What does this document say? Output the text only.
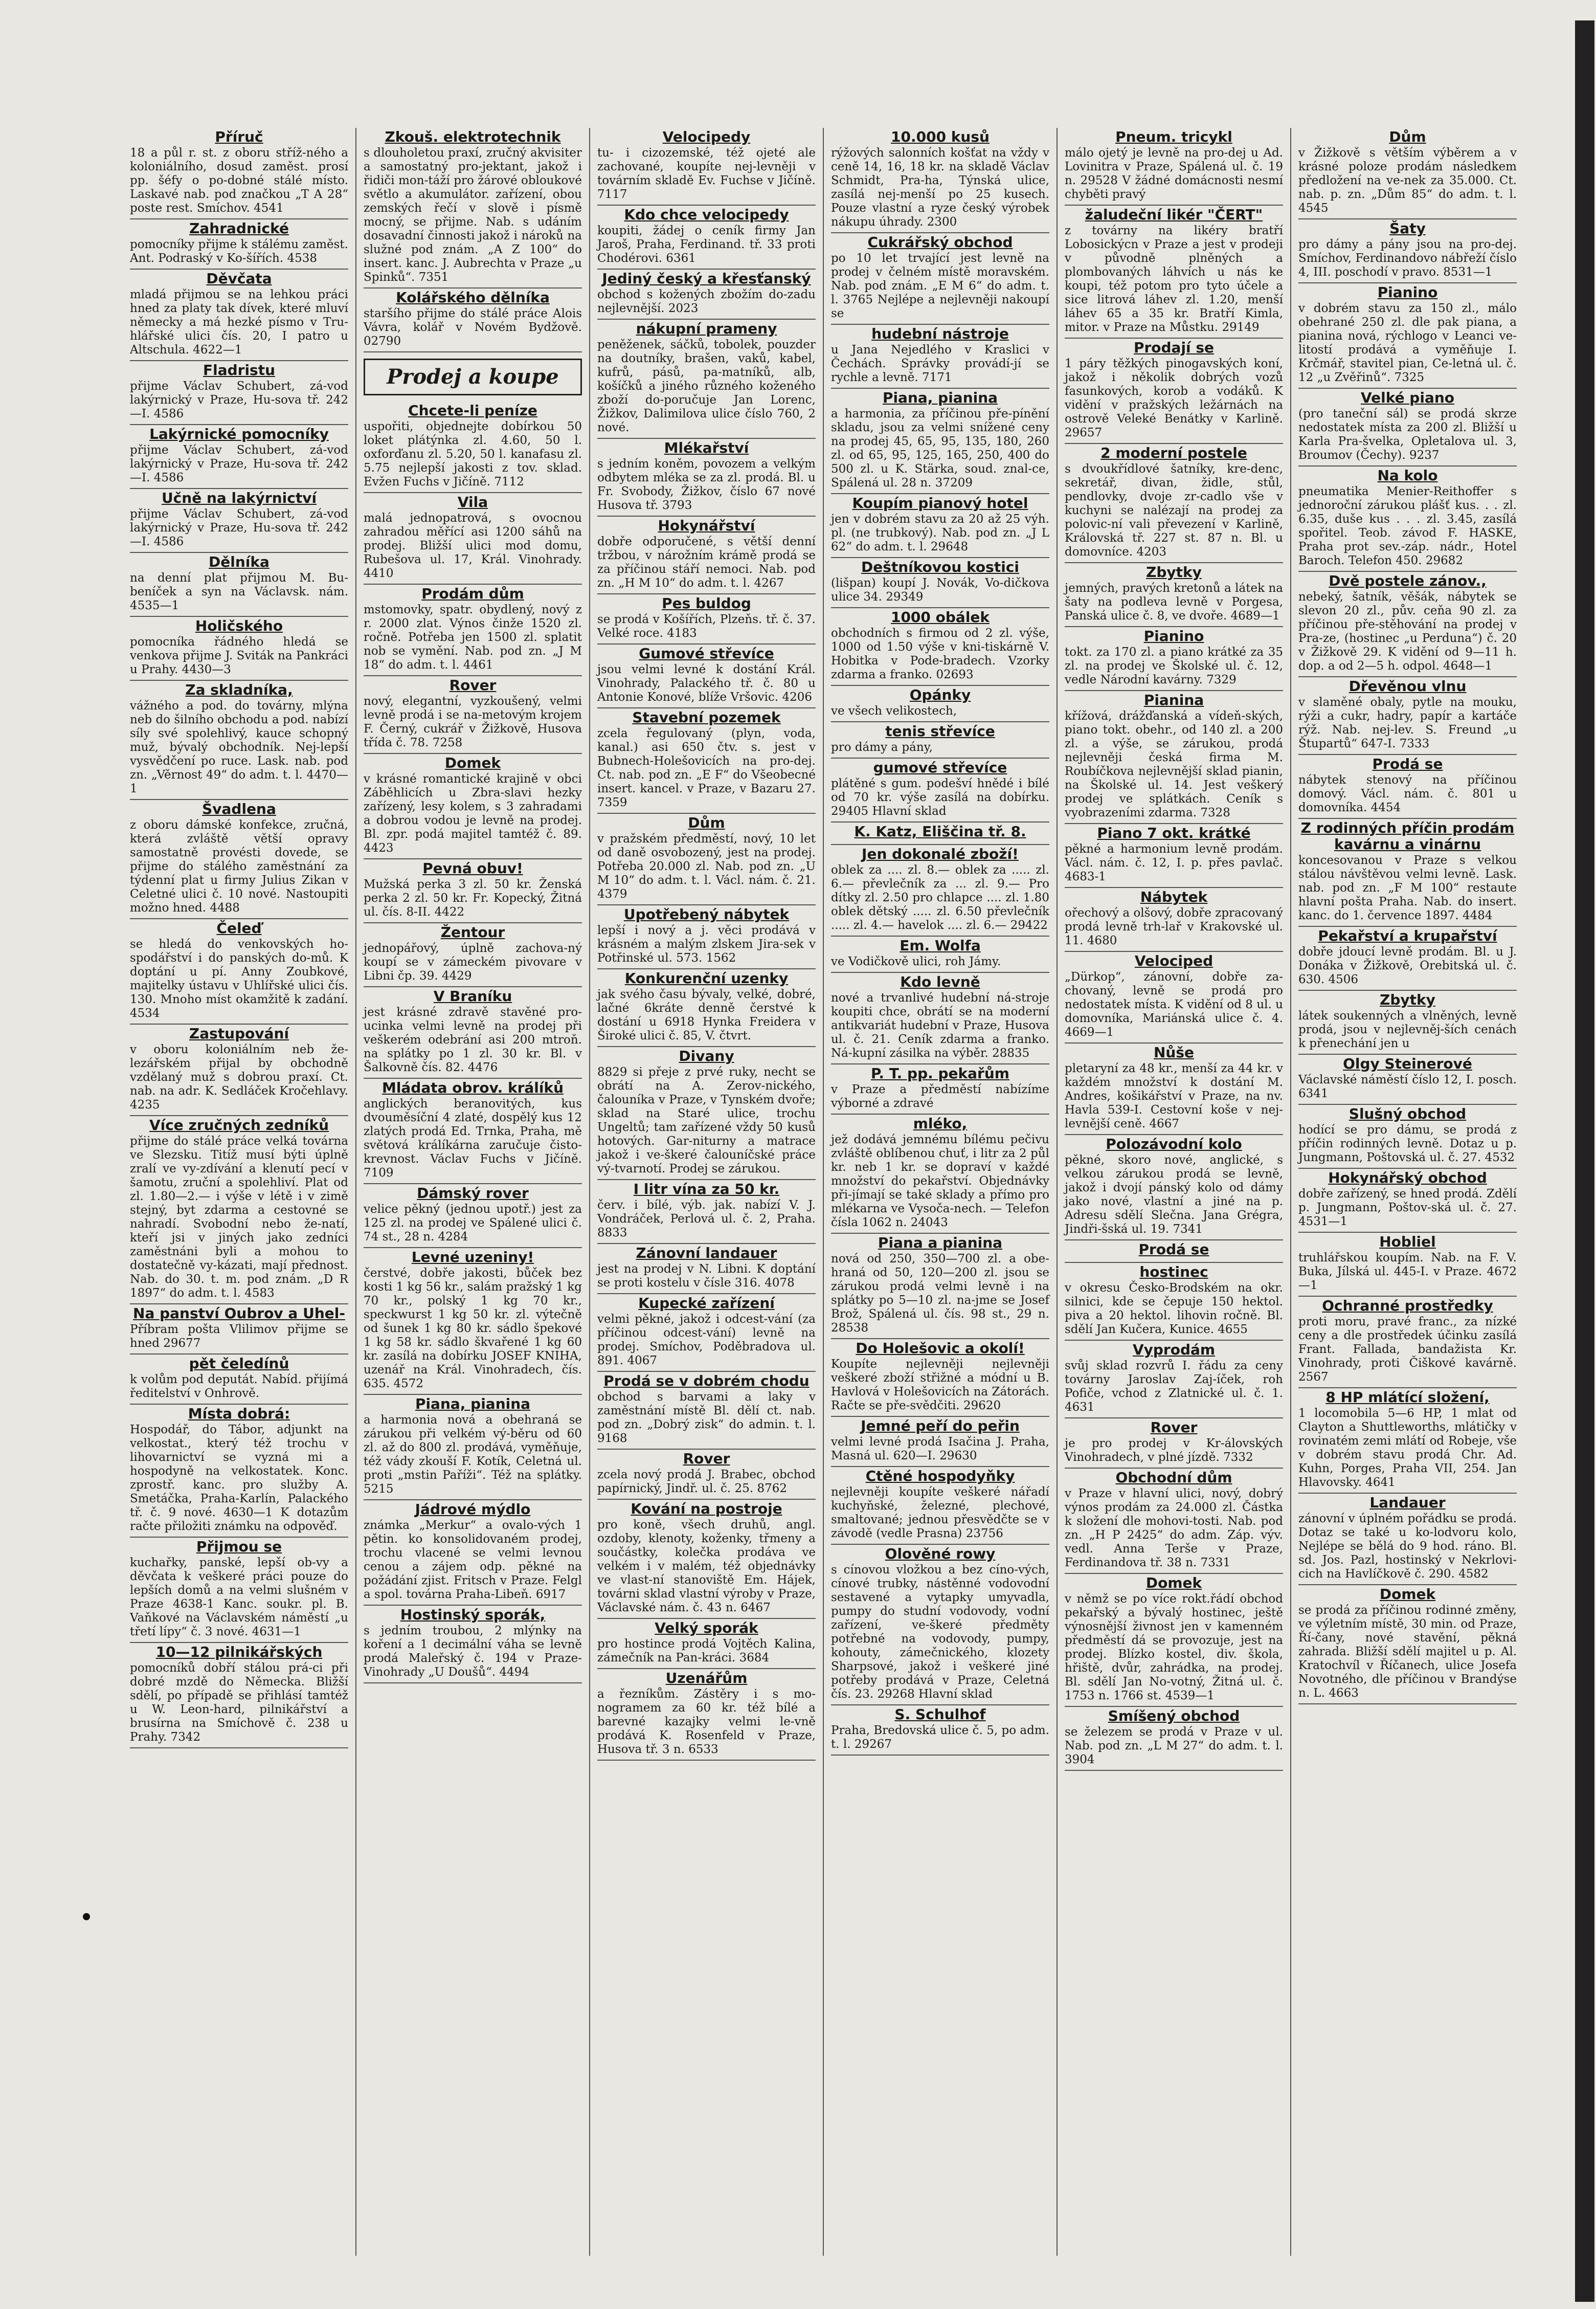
Příruč

18 a půl r. st. z oboru stříž-ného a koloniálního, dosud zaměst. prosí pp. šéfy o po-dobné stálé místo. Laskavé nab. pod značkou „T A 28“ poste rest. Smíchov. 4541

Zahradnické

pomocníky přijme k stálému zaměst. Ant. Podraský v Ko-šířích. 4538

Děvčata

mladá přijmou se na lehkou práci hned za platy tak dívek, které mluví německy a má hezké písmo v Tru-hlářské ulici čís. 20, I patro u Altschula. 4622—1

Fladristu

přijme Václav Schubert, zá-vod lakýrnický v Praze, Hu-sova tř. 242—I. 4586

Lakýrnické pomocníky

přijme Václav Schubert, zá-vod lakýrnický v Praze, Hu-sova tř. 242—I. 4586

Učně na lakýrnictví

přijme Václav Schubert, zá-vod lakýrnický v Praze, Hu-sova tř. 242—I. 4586

Dělníka

na denní plat přijmou M. Bu-beníček a syn na Václavsk. nám. 4535—1

Holičského

pomocníka řádného hledá se venkova přijme J. Sviták na Pankráci u Prahy. 4430—3

Za skladníka,

vážného a pod. do továrny, mlýna neb do šilního obchodu a pod. nabízí síly své spolehlivý, kauce schopný muž, bývalý obchodník. Nej-lepší vysvědčení po ruce. Lask. nab. pod zn. „Věrnost 49“ do adm. t. l. 4470—1

Švadlena

z oboru dámské konfekce, zručná, která zvláště větší opravy samostatně provésti dovede, se přijme do stálého zaměstnání za týdenní plat u firmy Julius Zikan v Celetné ulici č. 10 nové. Nastoupiti možno hned. 4488

Čeleď

se hledá do venkovských ho-spodářství i do panských do-mů. K doptání u pí. Anny Zoubkové, majitelky ústavu v Uhlířské ulici čís. 130. Mnoho míst okamžitě k zadání. 4534

Zastupování

v oboru koloniálním neb že-lezářském přijal by obchodně vzdělaný muž s dobrou praxí. Ct. nab. na adr. K. Sedláček Kročehlavy. 4235

Více zručných zedníků

přijme do stálé práce velká továrna ve Slezsku. Titíž musí býti úplně zralí ve vy-zdívání a klenutí pecí v šamotu, zruční a spolehliví. Plat od zl. 1.80—2.— i výše v létě i v zimě stejný, byt zdarma a cestovné se nahradí. Svobodní nebo že-natí, kteří jsi v jiných jako zedníci zaměstnáni byli a mohou to dostatečně vy-kázati, mají přednost. Nab. do 30. t. m. pod znám. „D R 1897“ do adm. t. l. 4583

Na panství Oubrov a Uhel-

Příbram pošta Vlilimov přijme se hned 29677

pět čeledínů

k volům pod deputát. Nabíd. přijímá ředitelství v Onhrově.

Místa dobrá:

Hospodář, do Tábor, adjunkt na velkostat., který též trochu v lihovarnictví se vyzná mi a hospodyně na velkostatek. Konc. zprostř. kanc. pro služby A. Smetáčka, Praha-Karlín, Palackého tř. č. 9 nové. 4630—1 K dotazům račte přiložiti známku na odpověď.

Přijmou se

kuchařky, panské, lepší ob-vy a děvčata k veškeré práci pouze do lepších domů a na velmi slušném v Praze 4638-1 Kanc. soukr. pl. B. Vaňkové na Václavském náměstí „u třetí lípy“ č. 3 nové. 4631—1

10—12 pilnikářských

pomocníků dobří stálou prá-ci při dobré mzdě do Německa. Bližší sdělí, po případě se přihlásí tamtéž u W. Leon-hard, pilnikářství a brusírna na Smíchově č. 238 u Prahy. 7342

Zkouš. elektrotechnik

s dlouholetou praxí, zručný akvisiter a samostatný pro-jektant, jakož i řidiči mon-táží pro žárové obloukové světlo a akumulátor. zařízení, obou zemských řečí v slově i písmě mocný, se přijme. Nab. s udáním dosavadní činnosti jakož i nároků na služné pod znám. „A Z 100“ do insert. kanc. J. Aubrechta v Praze „u Spinků“. 7351

Kolářského dělníka

staršího přijme do stálé práce Alois Vávra, kolář v Novém Bydžově. 02790

Prodej a koupe
Chcete-li peníze

uspořiti, objednejte dobírkou 50 loket plátýnka zl. 4.60, 50 l. oxforďanu zl. 5.20, 50 l. kanafasu zl. 5.75 nejlepší jakosti z tov. sklad. Evžen Fuchs v Jičíně. 7112

Vila

malá jednopatrová, s ovocnou zahradou měřící asi 1200 sáhů na prodej. Bližší ulici mod domu, Rubešova ul. 17, Král. Vinohrady. 4410

Prodám dům

mstomovky, spatr. obydlený, nový z r. 2000 zlat. Výnos činže 1520 zl. ročně. Potřeba jen 1500 zl. splatit nob se vymění. Nab. pod zn. „J M 18“ do adm. t. l. 4461

Rover

nový, elegantní, vyzkoušený, velmi levně prodá i se na-metovým krojem F. Černý, cukrář v Žižkově, Husova třída č. 78. 7258

Domek

v krásné romantické krajině v obci Záběhlicích u Zbra-slavi hezky zařízený, lesy kolem, s 3 zahradami a dobrou vodou je levně na prodej. Bl. zpr. podá majitel tamtéž č. 89. 4423

Pevná obuv!

Mužská perka 3 zl. 50 kr. Ženská perka 2 zl. 50 kr. Fr. Kopecký, Žitná ul. čís. 8-II. 4422

Žentour

jednopářový, úplně zachova-ný koupí se v zámeckém pivovare v Libni čp. 39. 4429

V Braníku

jest krásné zdravě stavěné pro-ucinka velmi levně na prodej při veškerém odebrání asi 200 mtroň. na splátky po 1 zl. 30 kr. Bl. v Šalkovně čís. 82. 4476

Mládata obrov. králíků

anglických beranovitých, kus dvouměsíční 4 zlaté, dospělý kus 12 zlatých prodá Ed. Trnka, Praha, mě světová králíkárna zaručuje čisto-krevnost. Václav Fuchs v Jičíně. 7109

Dámský rover

velice pěkný (jednou upotř.) jest za 125 zl. na prodej ve Spálené ulici č. 74 st., 28 n. 4284

Levné uzeniny!

čerstvé, dobře jakosti, bůček bez kosti 1 kg 56 kr., salám pražský 1 kg 70 kr., polský 1 kg 70 kr., speckwurst 1 kg 50 kr. zl. výtečně od šunek 1 kg 80 kr. sádlo špekové 1 kg 58 kr. sádlo škvařené 1 kg 60 kr. zasílá na dobírku JOSEF KNIHA, uzenář na Král. Vinohradech, čís. 635. 4572

Piana, pianina

a harmonia nová a obehraná se zárukou při velkém vý-běru od 60 zl. až do 800 zl. prodává, vyměňuje, též vády zkouší F. Kotík, Celetná ul. proti „mstin Paříži“. Též na splátky. 5215

Jádrové mýdlo

známka „Merkur“ a ovalo-vých 1 pětin. ko konsolidovaném prodej, trochu vlacené se velmi levnou cenou a zájem odp. pěkné na požádání zjist. Fritsch v Praze. Felgl a spol. továrna Praha-Libeň. 6917

Hostinský sporák,

s jedním troubou, 2 mlýnky na koření a 1 decimální váha se levně prodá Maleřský č. 194 v Praze-Vinohrady „U Doušů“. 4494

Velocipedy

tu- i cizozemské, též ojeté ale zachované, koupíte nej-levněji v továrním skladě Ev. Fuchse v Jičíně. 7117

Kdo chce velocipedy

koupiti, žádej o ceník firmy Jan Jaroš, Praha, Ferdinand. tř. 33 proti Chodérovi. 6361

Jediný český a křesťanský

obchod s kožených zbožím do-zadu nejlevnější. 2023

nákupní prameny

peněženek, sáčků, tobolek, pouzder na doutníky, brašen, vaků, kabel, kufrů, pásů, pa-matníků, alb, košíčků a jiného různého koženého zboží do-poručuje Jan Lorenc, Žižkov, Dalimilova ulice číslo 760, 2 nové.

Mlékařství

s jedním koněm, povozem a velkým odbytem mléka se za zl. prodá. Bl. u Fr. Svobody, Žižkov, číslo 67 nové Husova tř. 3793

Hokynářství

dobře odporučené, s větší denní tržbou, v nárožním krámě prodá se za příčinou stáří nemoci. Nab. pod zn. „H M 10“ do adm. t. l. 4267

Pes buldog

se prodá v Košířích, Plzeňs. tř. č. 37. Velké roce. 4183

Gumové střevíce

jsou velmi levné k dostání Král. Vinohrady, Palackého tř. č. 80 u Antonie Konové, blíže Vršovic. 4206

Stavební pozemek

zcela řegulovaný (plyn, voda, kanal.) asi 650 čtv. s. jest v Bubnech-Holešovicích na pro-dej. Ct. nab. pod zn. „E F“ do Všeobecné insert. kancel. v Praze, v Bazaru 27. 7359

Dům

v pražském předměstí, nový, 10 let od daně osvobozený, jest na prodej. Potřeba 20.000 zl. Nab. pod zn. „U M 10“ do adm. t. l. Václ. nám. č. 21. 4379

Upotřebený nábytek

lepší i nový a j. věci prodává v krásném a malým zlskem Jira-sek v Potřinské ul. 573. 1562

Konkurenční uzenky

jak svého času bývaly, velké, dobré, lačné 6kráte denně čerstvé k dostání u 6918 Hynka Freidera v Široké ulici č. 85, V. čtvrt.

Divany

8829 si přeje z prvé ruky, necht se obrátí na A. Zerov-nického, čalouníka v Praze, v Tynském dvoře; sklad na Staré ulice, trochu Ungeltů; tam zařízené vždy 50 kusů hotových. Gar-niturny a matrace jakož i ve-škeré čalouníčské práce vý-tvarnotí. Prodej se zárukou.

I litr vína za 50 kr.

červ. i bílé, výb. jak. nabízí V. J. Vondráček, Perlová ul. č. 2, Praha. 8833

Zánovní landauer

jest na prodej v N. Libni. K doptání se proti kostelu v čísle 316. 4078

Kupecké zařízení

velmi pěkné, jakož i odcest-vání (za příčinou odcest-vání) levně na prodej. Smíchov, Poděbradova ul. 891. 4067

Prodá se v dobrém chodu

obchod s barvami a laky v zaměstnání místě Bl. dělí ct. nab. pod zn. „Dobrý zisk“ do admin. t. l. 9168

Rover

zcela nový prodá J. Brabec, obchod papírnický, Jindř. ul. č. 25. 8762

Kování na postroje

pro koně, všech druhů, angl. ozdoby, klenoty, koženky, třmeny a součástky, kolečka prodáva ve velkém i v malém, též objednávky ve vlast-ní stanoviště Em. Hájek, továrni sklad vlastní výroby v Praze, Václavské nám. č. 43 n. 6467

Velký sporák

pro hostince prodá Vojtěch Kalina, zámečník na Pan-kráci. 3684

Uzenářům

a řezníkům. Zástěry i s mo-nogramem za 60 kr. též bílé a barevné kazajky velmi le-vně prodává K. Rosenfeld v Praze, Husova tř. 3 n. 6533

10.000 kusů

rýžových salonních košťat na vždy v ceně 14, 16, 18 kr. na skladě Václav Schmidt, Pra-ha, Týnská ulice, zasílá nej-menší po 25 kusech. Pouze vlastní a ryze český výrobek nákupu úhrady. 2300

Cukrářský obchod

po 10 let trvající jest levně na prodej v čelném místě moravském. Nab. pod znám. „E M 6“ do adm. t. l. 3765 Nejlépe a nejlevněji nakoupí se

hudební nástroje

u Jana Nejedlého v Kraslici v Čechách. Správky provádí-jí se rychle a levně. 7171

Piana, pianina

a harmonia, za příčinou pře-pínění skladu, jsou za velmi snížené ceny na prodej 45, 65, 95, 135, 180, 260 zl. od 65, 95, 125, 165, 250, 400 do 500 zl. u K. Stärka, soud. znal-ce, Spálená ul. 28 n. 37209

Koupím pianový hotel

jen v dobrém stavu za 20 až 25 výh. pl. (ne trubkový). Nab. pod zn. „J L 62“ do adm. t. l. 29648

Deštníkovou kostici

(lišpan) koupí J. Novák, Vo-dičkova ulice 34. 29349

1000 obálek

obchodních s firmou od 2 zl. výše, 1000 od 1.50 výše v kni-tiskárně V. Hobitka v Pode-bradech. Vzorky zdarma a franko. 02693

Opánky

ve všech velikostech,

tenis střevíce

pro dámy a pány,

gumové střevíce

plátěné s gum. podešví hnědé i bílé od 70 kr. výše zasílá na dobírku. 29405 Hlavní sklad

K. Katz, Eliščina tř. 8.
Jen dokonalé zboží!

oblek za .... zl. 8.— oblek za ..... zl. 6.— převlečník za ... zl. 9.— Pro dítky zl. 2.50 pro chlapce .... zl. 1.80 oblek dětský ..... zl. 6.50 převlečník ..... zl. 4.— havelok .... zl. 6.— 29422

Em. Wolfa

ve Vodičkově ulici, roh Jámy.

Kdo levně

nové a trvanlivé hudební ná-stroje koupiti chce, obrátí se na moderní antikvariát hudební v Praze, Husova ul. č. 21. Ceník zdarma a franko. Ná-kupní zásilka na výběr. 28835

P. T. pp. pekařům

v Praze a předměstí nabízíme výborné a zdravé

mléko,

jež dodává jemnému bílému pečivu zvláště oblíbenou chuť, i litr za 2 půl kr. neb 1 kr. se dopraví v každé množství do pekařství. Objednávky při-jímají se také sklady a přímo pro mlékarna ve Vysoča-nech. — Telefon čísla 1062 n. 24043

Piana a pianina

nová od 250, 350—700 zl. a obe-hraná od 50, 120—200 zl. jsou se zárukou prodá velmi levně i na splátky po 5—10 zl. na-jme se Josef Brož, Spálená ul. čís. 98 st., 29 n. 28538

Do Holešovic a okolí!

Koupíte nejlevněji nejlevněji veškeré zboží střižné a módní u B. Havlová v Holešovicích na Zátorách. Račte se pře-svědčiti. 29620

Jemné peří do peřin

velmi levné prodá Isačina J. Praha, Masná ul. 620—I. 29630

Ctěné hospodyňky

nejlevněji koupíte veškeré nářadí kuchyňské, železné, plechové, smaltované; jednou přesvědčte se v závodě (vedle Prasna) 23756

Olověné rowy

s cínovou vložkou a bez cíno-vých, cínové trubky, nástěnné vodovodní sestavené a vytapky umyvadla, pumpy do studní vodovody, vodní zařízení, ve-škeré předměty potřebné na vodovody, pumpy, kohouty, zámečnického, klozety Sharpsové, jakož i veškeré jiné potřeby prodává v Praze, Celetná čís. 23. 29268 Hlavní sklad

S. Schulhof

Praha, Bredovská ulice č. 5, po adm. t. l. 29267

Pneum. tricykl

málo ojetý je levně na pro-dej u Ad. Lovinitra v Praze, Spálená ul. č. 19 n. 29528 V žádné domácnosti nesmí chyběti pravý

žaludeční likér "ČERT"

z továrny na likéry bratří Lobosickýcn v Praze a jest v prodeji v původně plněných a plombovaných láhvích u nás ke koupi, též potom pro tyto účele a sice litrová láhev zl. 1.20, menší láhev 65 a 35 kr. Bratří Kimla, mitor. v Praze na Můstku. 29149

Prodají se

1 páry těžkých pinogavských koní, jakož i několik dobrých vozů fasunkových, korob a vodáků. K vidění v pražských ležárnách na ostrově Veleké Benátky v Karlině. 29657

2 moderní postele

s dvoukřídlové šatníky, kre-denc, sekretář, divan, židle, stůl, pendlovky, dvoje zr-cadlo vše v kuchyni se nalézají na prodej za polovic-ní vali převezení v Karlině, Královská tř. 227 st. 87 n. Bl. u domovníce. 4203

Zbytky

jemných, pravých kretonů a látek na šaty na podleva levně v Porgesa, Panská ulice č. 8, ve dvoře. 4689—1

Pianino

tokt. za 170 zl. a piano krátké za 35 zl. na prodej ve Školské ul. č. 12, vedle Národní kavárny. 7329

Pianina

křížová, drážďanská a vídeň-ských, piano tokt. obehr., od 140 zl. a 200 zl. a výše, se zárukou, prodá nejlevněji česká firma M. Roubíčkova nejlevnější sklad pianin, na Školské ul. 14. Jest veškerý prodej ve splátkách. Ceník s vyobrazeními zdarma. 7328

Piano 7 okt. krátké

pěkné a harmonium levně prodám. Václ. nám. č. 12, I. p. přes pavlač. 4683-1

Nábytek

ořechový a olšový, dobře zpracovaný prodá levně trh-lař v Krakovské ul. 11. 4680

Velociped

„Dürkop“, zánovní, dobře za-chovaný, levně se prodá pro nedostatek místa. K vidění od 8 ul. u domovníka, Mariánská ulice č. 4. 4669—1

Nůše

pletaryní za 48 kr., menší za 44 kr. v každém množství k dostání M. Andres, košikářství v Praze, na nv. Havla 539-I. Cestovní koše v nej-levnější ceně. 4667

Polozávodní kolo

pěkné, skoro nové, anglické, s velkou zárukou prodá se levně, jakož i dvojí pánský kolo od dámy jako nové, vlastní a jiné na p. Adresu sdělí Slečna. Jana Grégra, Jindři-šská ul. 19. 7341

Prodá se
hostinec

v okresu Česko-Brodském na okr. silnici, kde se čepuje 150 hektol. piva a 20 hektol. lihovin ročně. Bl. sdělí Jan Kučera, Kunice. 4655

Vyprodám

svůj sklad rozvrů I. řádu za ceny továrny Jaroslav Zaj-íček, roh Pofiče, vchod z Zlatnické ul. č. 1. 4631

Rover

je pro prodej v Kr-álovských Vinohradech, v plné jízdě. 7332

Obchodní dům

v Praze v hlavní ulici, nový, dobrý výnos prodám za 24.000 zl. Částka k složení dle mohovi-tosti. Nab. pod zn. „H P 2425“ do adm. Záp. výv. vedl. Anna Terše v Praze, Ferdinandova tř. 38 n. 7331

Domek

v němž se po více rokt.řádí obchod pekařský a bývalý hostinec, ještě výnosnější živnost jen v kamenném předměstí dá se provozuje, jest na prodej. Blízko kostel, div. škola, hřiště, dvůr, zahrádka, na prodej. Bl. sdělí Jan No-votný, Žitná ul. č. 1753 n. 1766 st. 4539—1

Smíšený obchod

se železem se prodá v Praze v ul. Nab. pod zn. „L M 27“ do adm. t. l. 3904

Dům

v Žižkově s větším výběrem a v krásné poloze prodám následkem předložení na ve-nek za 35.000. Ct. nab. p. zn. „Dům 85“ do adm. t. l. 4545

Šaty

pro dámy a pány jsou na pro-dej. Smíchov, Ferdinandovo nábřeží číslo 4, III. poschodí v pravo. 8531—1

Pianino

v dobrém stavu za 150 zl., málo obehrané 250 zl. dle pak piana, a pianina nová, rýchlogo v Leanci ve-litostí prodává a vyměňuje I. Krčmář, stavitel pian, Ce-letná ul. č. 12 „u Zvěřinů“. 7325

Velké piano

(pro taneční sál) se prodá skrze nedostatek místa za 200 zl. Bližší u Karla Pra-švelka, Opletalova ul. 3, Broumov (Čechy). 9237

Na kolo

pneumatika Menier-Reithoffer s jednoroční zárukou plášť kus. . . zl. 6.35, duše kus . . . zl. 3.45, zasílá spořitel. Teob. závod F. HASKE, Praha prot sev.-záp. nádr., Hotel Baroch. Telefon 450. 29682

Dvě postele zánov.,

nebeký, šatník, věšák, nábytek se slevon 20 zl., pův. ceňa 90 zl. za příčinou pře-stěhování na prodej v Pra-ze, (hostinec „u Perduna“) č. 20 v Žižkově 29. K vidění od 9—11 h. dop. a od 2—5 h. odpol. 4648—1

Dřevěnou vlnu

v slaměné obaly, pytle na mouku, rýži a cukr, hadry, papír a kartáče rýž. Nab. nej-lev. S. Freund „u Štupartů“ 647-I. 7333

Prodá se

nábytek stenový na příčinou domový. Václ. nám. č. 801 u domovníka. 4454

Z rodinných příčin prodám kavárnu a vinárnu

koncesovanou v Praze s velkou stálou návštěvou velmi levně. Lask. nab. pod zn. „F M 100“ restaute hlavní pošta Praha. Nab. do insert. kanc. do 1. července 1897. 4484

Pekařství a krupařství

dobře jdoucí levně prodám. Bl. u J. Donáka v Žižkově, Orebitská ul. č. 630. 4506

Zbytky

látek soukenných a vlněných, levně prodá, jsou v nejlevněj-ších cenách k přenechání jen u

Olgy Steinerové

Václavské náměstí číslo 12, I. posch. 6341

Slušný obchod

hodící se pro dámu, se prodá z příčin rodinných levně. Dotaz u p. Jungmann, Poštovská ul. č. 27. 4532

Hokynářský obchod

dobře zařízený, se hned prodá. Zdělí p. Jungmann, Poštov-ská ul. č. 27. 4531—1

Hobliel

truhlářskou koupím. Nab. na F. V. Buka, Jílská ul. 445-I. v Praze. 4672—1

Ochranné prostředky

proti moru, pravé franc., za nízké ceny a dle prostředek účinku zasílá Frant. Fallada, bandažista Kr. Vinohrady, proti Čiškové kavárně. 2567

8 HP mlátící složení,

1 locomobila 5—6 HP, 1 mlat od Clayton a Shuttleworths, mlátičky v rovinatém zemi mlátí od Robeje, vše v dobrém stavu prodá Chr. Ad. Kuhn, Porges, Praha VII, 254. Jan Hlavovsky. 4641

Landauer

zánovní v úplném pořádku se prodá. Dotaz se také u ko-lodvoru kolo, Nejlépe se bělá do 9 hod. ráno. Bl. sd. Jos. Pazl, hostinský v Nekrlovi-cich na Havlíčkově č. 290. 4582

Domek

se prodá za příčinou rodinné změny, ve výletním místě, 30 min. od Praze, Ří-čany, nové stavění, pěkná zahrada. Bližší sdělí majitel u p. Al. Kratochvíl v Říčanech, ulice Josefa Novotného, dle příčinou v Brandýse n. L. 4663
